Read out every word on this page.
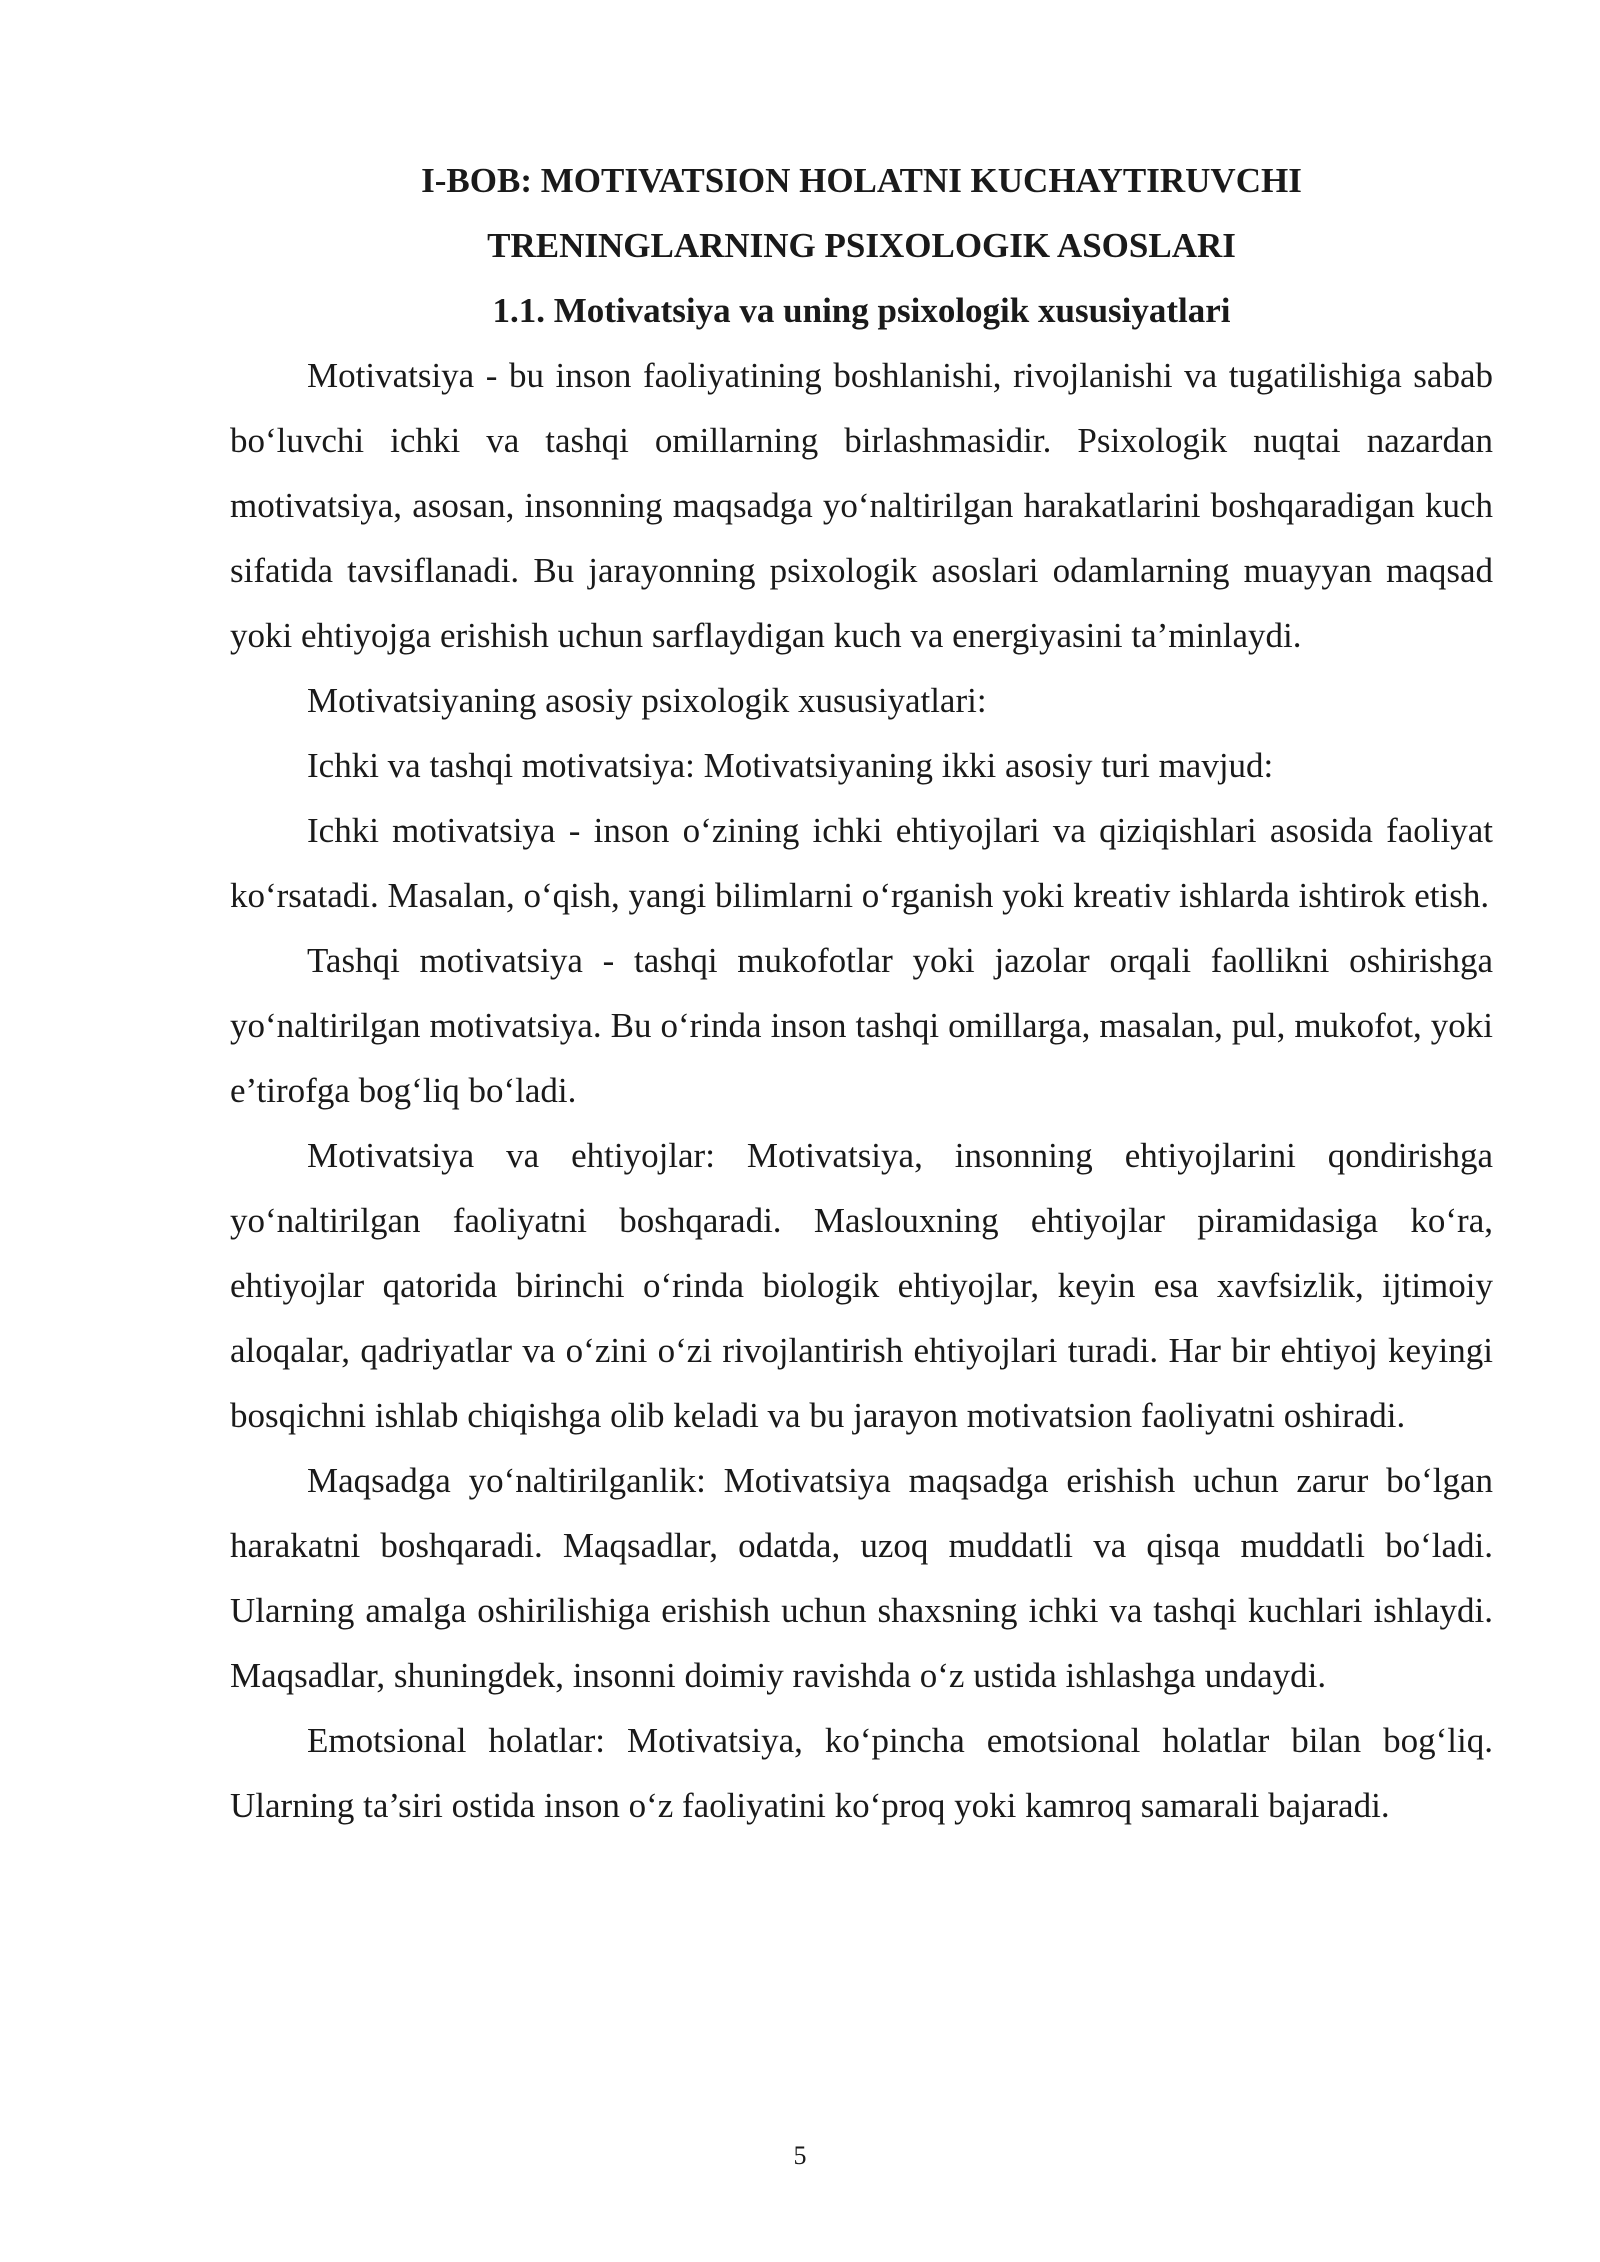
I-BOB: MOTIVATSION HOLATNI KUCHAYTIRUVCHI
TRENINGLARNING PSIXOLOGIK ASOSLARI
1.1. Motivatsiya va uning psixologik xususiyatlari

Motivatsiya - bu inson faoliyatining boshlanishi, rivojlanishi va tugatilishiga sabab bo‘luvchi ichki va tashqi omillarning birlashmasidir. Psixologik nuqtai nazardan motivatsiya, asosan, insonning maqsadga yo‘naltirilgan harakatlarini boshqaradigan kuch sifatida tavsiflanadi. Bu jarayonning psixologik asoslari odamlarning muayyan maqsad yoki ehtiyojga erishish uchun sarflaydigan kuch va energiyasini ta’minlaydi.

Motivatsiyaning asosiy psixologik xususiyatlari:

Ichki va tashqi motivatsiya: Motivatsiyaning ikki asosiy turi mavjud:

Ichki motivatsiya - inson o‘zining ichki ehtiyojlari va qiziqishlari asosida faoliyat ko‘rsatadi. Masalan, o‘qish, yangi bilimlarni o‘rganish yoki kreativ ishlarda ishtirok etish.

Tashqi motivatsiya - tashqi mukofotlar yoki jazolar orqali faollikni oshirishga yo‘naltirilgan motivatsiya. Bu o‘rinda inson tashqi omillarga, masalan, pul, mukofot, yoki e’tirofga bog‘liq bo‘ladi.

Motivatsiya va ehtiyojlar: Motivatsiya, insonning ehtiyojlarini qondirishga yo‘naltirilgan faoliyatni boshqaradi. Maslouxning ehtiyojlar piramidasiga ko‘ra, ehtiyojlar qatorida birinchi o‘rinda biologik ehtiyojlar, keyin esa xavfsizlik, ijtimoiy aloqalar, qadriyatlar va o‘zini o‘zi rivojlantirish ehtiyojlari turadi. Har bir ehtiyoj keyingi bosqichni ishlab chiqishga olib keladi va bu jarayon motivatsion faoliyatni oshiradi.

Maqsadga yo‘naltirilganlik: Motivatsiya maqsadga erishish uchun zarur bo‘lgan harakatni boshqaradi. Maqsadlar, odatda, uzoq muddatli va qisqa muddatli bo‘ladi. Ularning amalga oshirilishiga erishish uchun shaxsning ichki va tashqi kuchlari ishlaydi. Maqsadlar, shuningdek, insonni doimiy ravishda o‘z ustida ishlashga undaydi.

Emotsional holatlar: Motivatsiya, ko‘pincha emotsional holatlar bilan bog‘liq. Ularning ta’siri ostida inson o‘z faoliyatini ko‘proq yoki kamroq samarali bajaradi.

5
